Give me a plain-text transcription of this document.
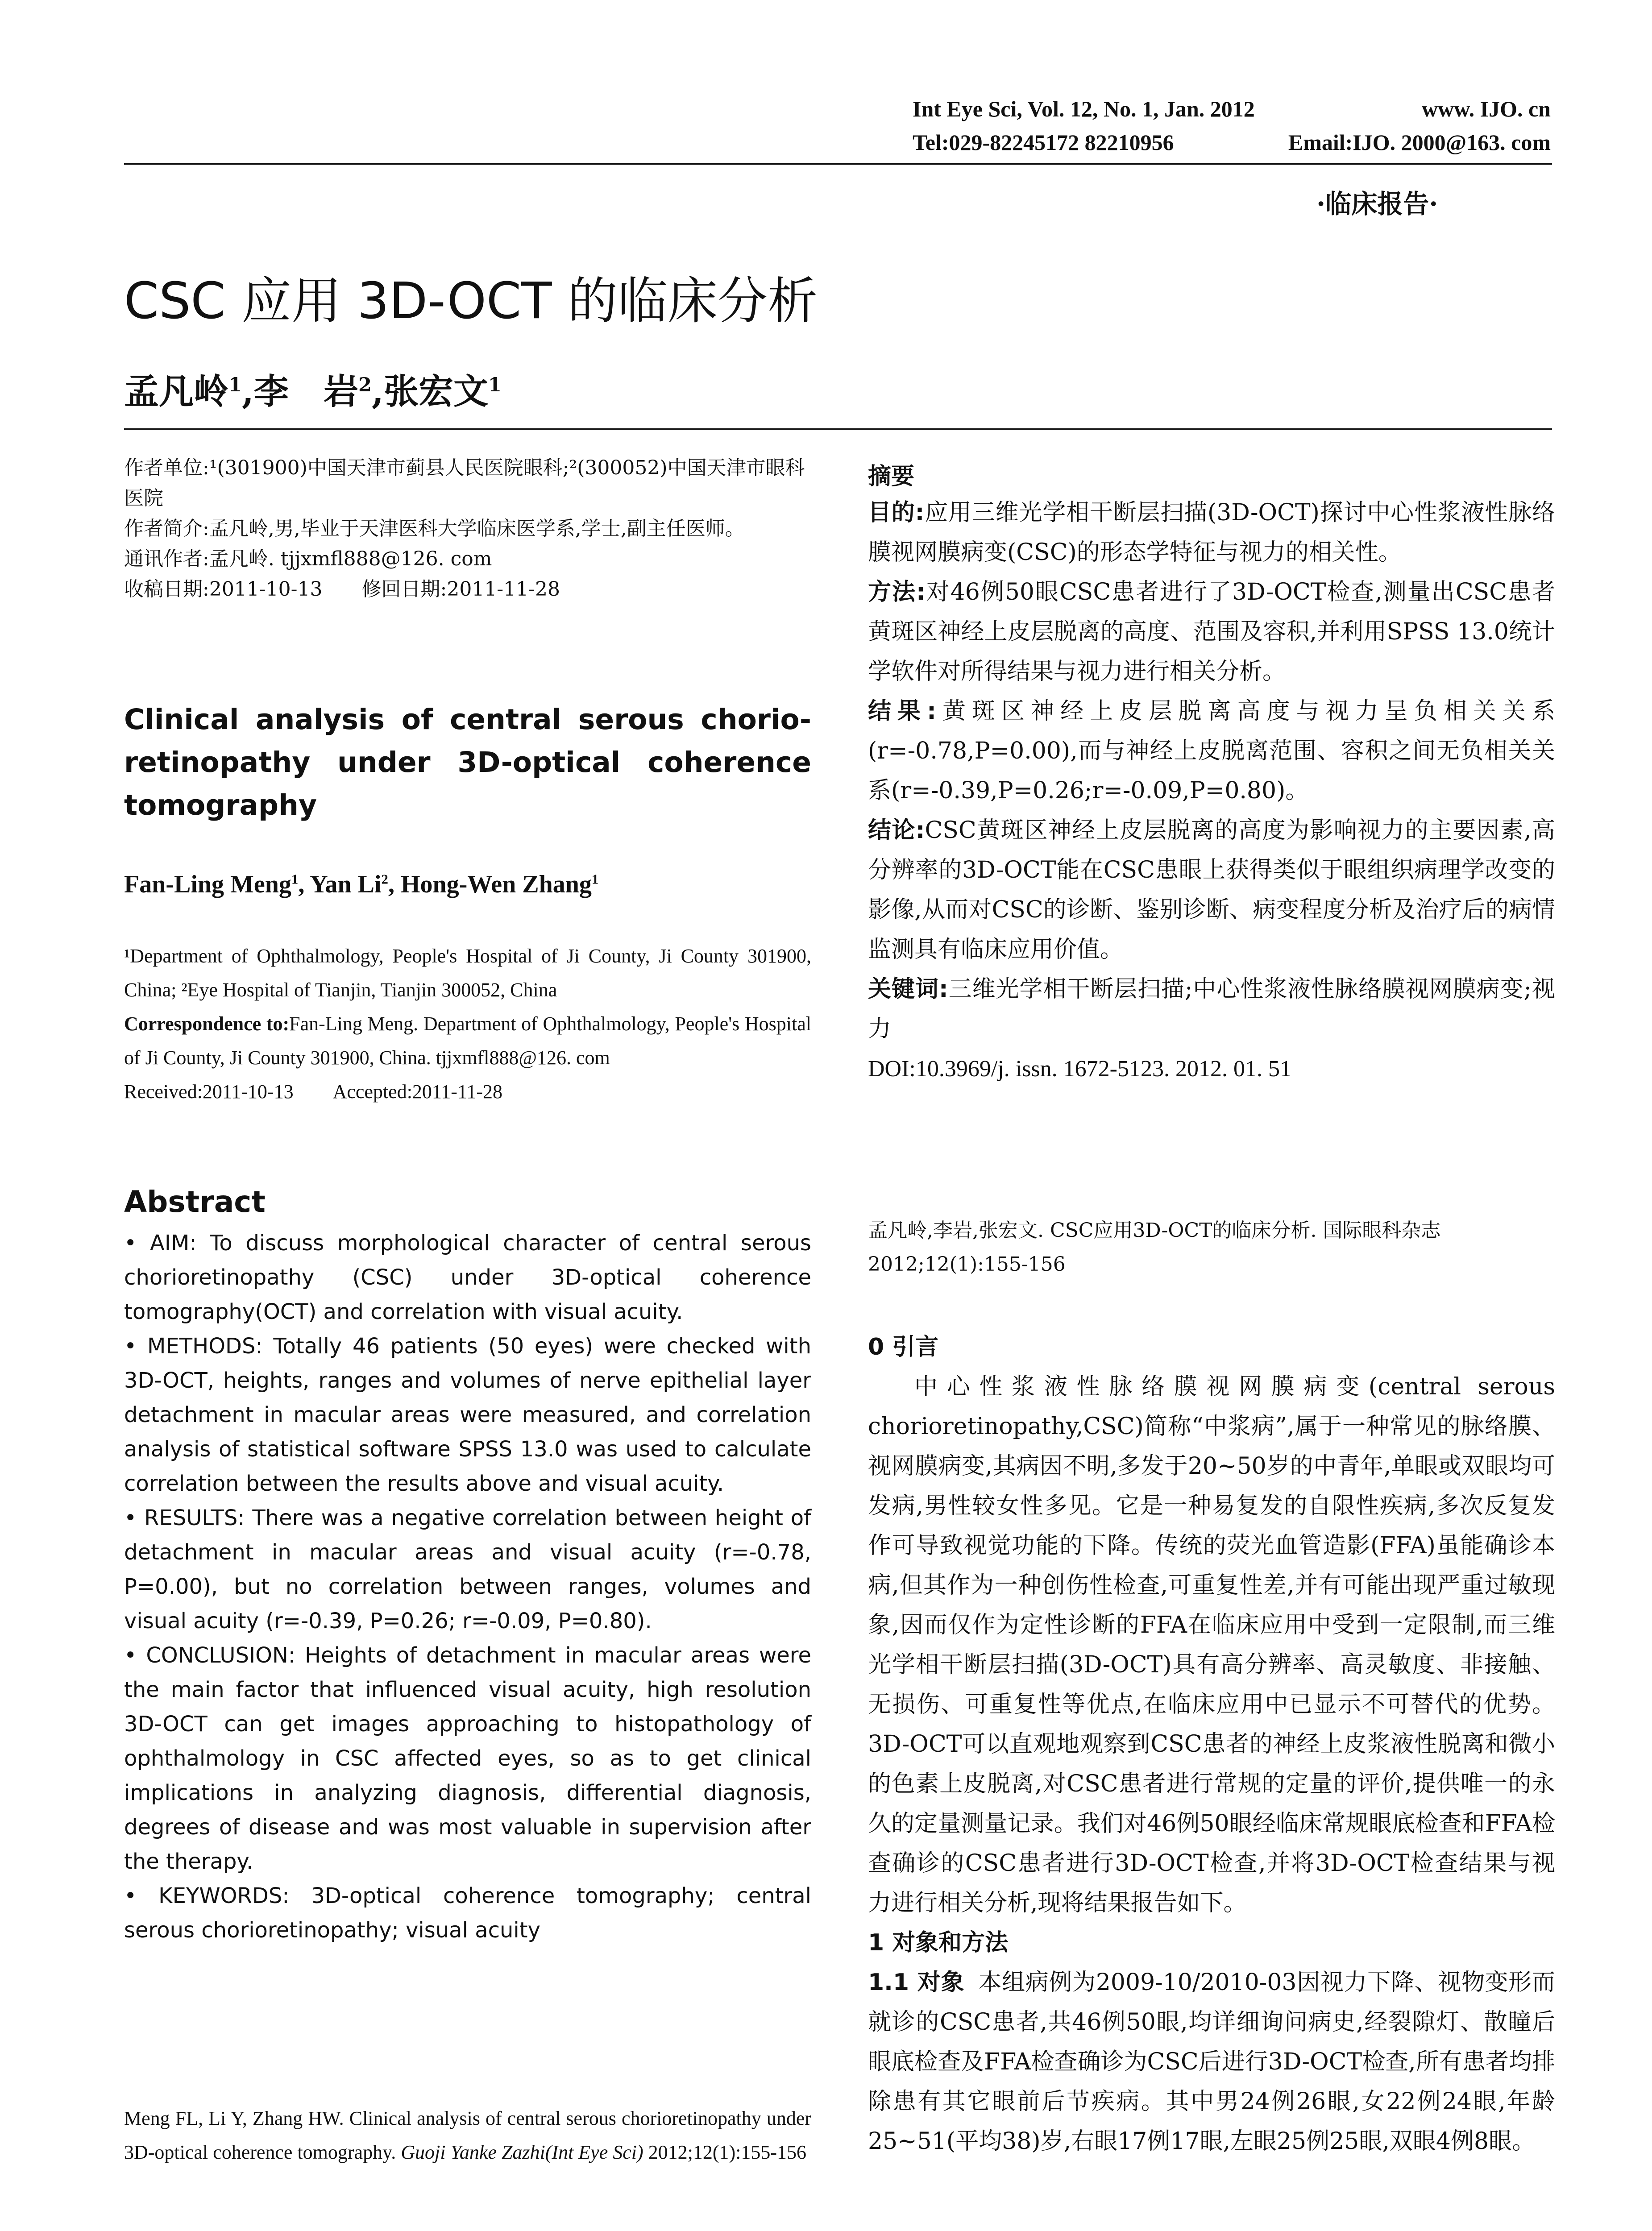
Int Eye Sci, Vol. 12, No. 1, Jan. 2012	www. IJO. cn
Tel:029-82245172 82210956	Email:IJO. 2000@163. com
·临床报告·
CSC 应用 3D-OCT 的临床分析
孟凡岭$^1$,李　岩$^2$,张宏文$^1$

作者单位:¹(301900)中国天津市蓟县人民医院眼科;²(300052)中国天津市眼科医院

作者简介:孟凡岭,男,毕业于天津医科大学临床医学系,学士,副主任医师。

通讯作者:孟凡岭. tjjxmfl888@126. com

收稿日期:2011-10-13　　修回日期:2011-11-28

Clinical analysis of central serous chorio-retinopathy under 3D-optical coherence tomography
Fan-Ling Meng$^1$, Yan Li$^2$, Hong-Wen Zhang$^1$

¹Department of Ophthalmology, People's Hospital of Ji County, Ji County 301900, China; ²Eye Hospital of Tianjin, Tianjin 300052, China

Correspondence to:Fan-Ling Meng. Department of Ophthalmology, People's Hospital of Ji County, Ji County 301900, China. tjjxmfl888@126. com

Received:2011-10-13　　Accepted:2011-11-28

Abstract

• AIM: To discuss morphological character of central serous chorioretinopathy (CSC) under 3D-optical coherence tomography(OCT) and correlation with visual acuity.

• METHODS: Totally 46 patients (50 eyes) were checked with 3D-OCT, heights, ranges and volumes of nerve epithelial layer detachment in macular areas were measured, and correlation analysis of statistical software SPSS 13.0 was used to calculate correlation between the results above and visual acuity.

• RESULTS: There was a negative correlation between height of detachment in macular areas and visual acuity (r=-0.78, P=0.00), but no correlation between ranges, volumes and visual acuity (r=-0.39, P=0.26; r=-0.09, P=0.80).

• CONCLUSION: Heights of detachment in macular areas were the main factor that influenced visual acuity, high resolution 3D-OCT can get images approaching to histopathology of ophthalmology in CSC affected eyes, so as to get clinical implications in analyzing diagnosis, differential diagnosis, degrees of disease and was most valuable in supervision after the therapy.

• KEYWORDS: 3D-optical coherence tomography; central serous chorioretinopathy; visual acuity

Meng FL, Li Y, Zhang HW. Clinical analysis of central serous chorioretinopathy under 3D-optical coherence tomography. Guoji Yanke Zazhi(Int Eye Sci) 2012;12(1):155-156

摘要

目的:应用三维光学相干断层扫描(3D-OCT)探讨中心性浆液性脉络膜视网膜病变(CSC)的形态学特征与视力的相关性。

方法:对46例50眼CSC患者进行了3D-OCT检查,测量出CSC患者黄斑区神经上皮层脱离的高度、范围及容积,并利用SPSS 13.0统计学软件对所得结果与视力进行相关分析。

结果:黄斑区神经上皮层脱离高度与视力呈负相关关系(r=-0.78,P=0.00),而与神经上皮脱离范围、容积之间无负相关关系(r=-0.39,P=0.26;r=-0.09,P=0.80)。

结论:CSC黄斑区神经上皮层脱离的高度为影响视力的主要因素,高分辨率的3D-OCT能在CSC患眼上获得类似于眼组织病理学改变的影像,从而对CSC的诊断、鉴别诊断、病变程度分析及治疗后的病情监测具有临床应用价值。

关键词:三维光学相干断层扫描;中心性浆液性脉络膜视网膜病变;视力

DOI:10.3969/j. issn. 1672-5123. 2012. 01. 51

孟凡岭,李岩,张宏文. CSC应用3D-OCT的临床分析. 国际眼科杂志 2012;12(1):155-156

0 引言

中心性浆液性脉络膜视网膜病变(central serous chorioretinopathy,CSC)简称“中浆病”,属于一种常见的脉络膜、视网膜病变,其病因不明,多发于20~50岁的中青年,单眼或双眼均可发病,男性较女性多见。它是一种易复发的自限性疾病,多次反复发作可导致视觉功能的下降。传统的荧光血管造影(FFA)虽能确诊本病,但其作为一种创伤性检查,可重复性差,并有可能出现严重过敏现象,因而仅作为定性诊断的FFA在临床应用中受到一定限制,而三维光学相干断层扫描(3D-OCT)具有高分辨率、高灵敏度、非接触、无损伤、可重复性等优点,在临床应用中已显示不可替代的优势。3D-OCT可以直观地观察到CSC患者的神经上皮浆液性脱离和微小的色素上皮脱离,对CSC患者进行常规的定量的评价,提供唯一的永久的定量测量记录。我们对46例50眼经临床常规眼底检查和FFA检查确诊的CSC患者进行3D-OCT检查,并将3D-OCT检查结果与视力进行相关分析,现将结果报告如下。

1 对象和方法

1.1 对象 本组病例为2009-10/2010-03因视力下降、视物变形而就诊的CSC患者,共46例50眼,均详细询问病史,经裂隙灯、散瞳后眼底检查及FFA检查确诊为CSC后进行3D-OCT检查,所有患者均排除患有其它眼前后节疾病。其中男24例26眼,女22例24眼,年龄25~51(平均38)岁,右眼17例17眼,左眼25例25眼,双眼4例8眼。
